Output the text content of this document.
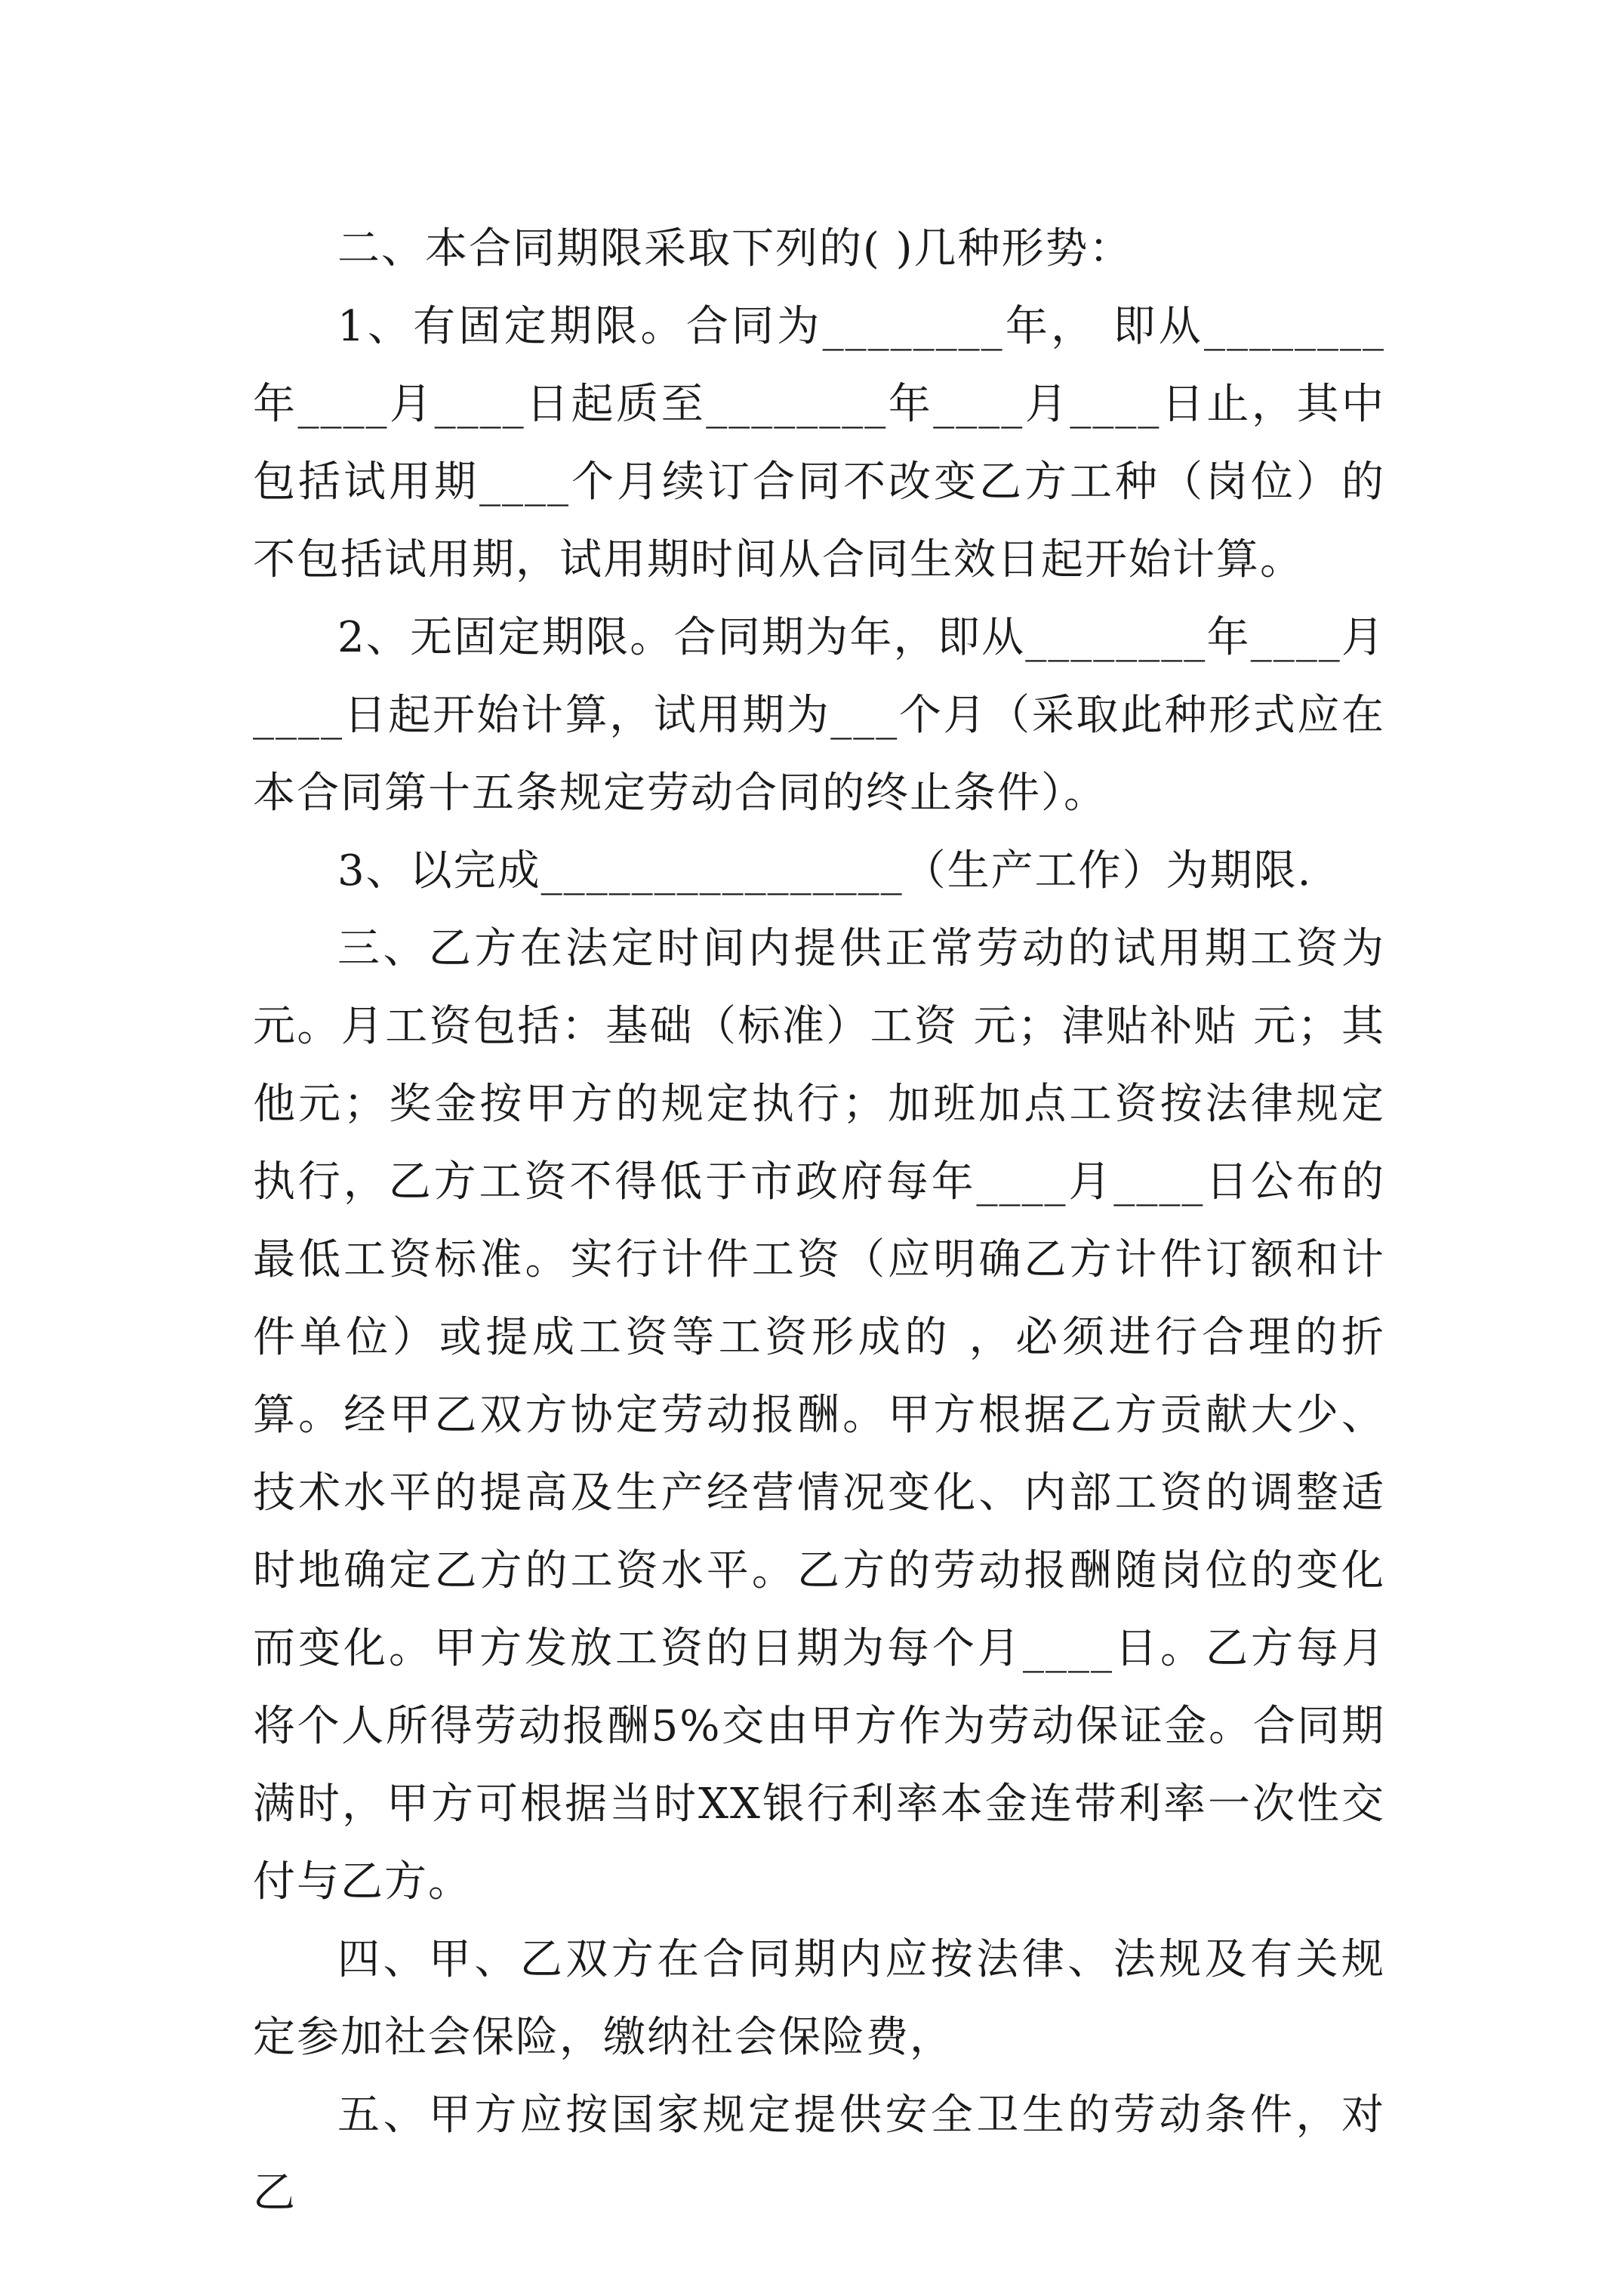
二、本合同期限采取下列的( )几种形势：

1、有固定期限。合同为________年， 即从________年____月____日起质至________年____月____日止，其中包括试用期____个月续订合同不改变乙方工种（岗位）的 不包括试用期，试用期时间从合同生效日起开始计算。

2、无固定期限。合同期为年，即从________年____月____日起开始计算，试用期为___个月（采取此种形式应在本合同第十五条规定劳动合同的终止条件）。

3、以完成________________（生产工作）为期限.

三、乙方在法定时间内提供正常劳动的试用期工资为元。月工资包括：基础（标准）工资 元；津贴补贴 元；其他元；奖金按甲方的规定执行；加班加点工资按法律规定执行，乙方工资不得低于市政府每年____月____日公布的最低工资标准。实行计件工资（应明确乙方计件订额和计件单位）或提成工资等工资形成的 ，必须进行合理的折算。经甲乙双方协定劳动报酬。甲方根据乙方贡献大少、技术水平的提高及生产经营情况变化、内部工资的调整适时地确定乙方的工资水平。乙方的劳动报酬随岗位的变化而变化。甲方发放工资的日期为每个月____日。乙方每月将个人所得劳动报酬5%交由甲方作为劳动保证金。合同期满时，甲方可根据当时XX银行利率本金连带利率一次性交付与乙方。

四、甲、乙双方在合同期内应按法律、法规及有关规定参加社会保险，缴纳社会保险费，

五、甲方应按国家规定提供安全卫生的劳动条件，对乙
